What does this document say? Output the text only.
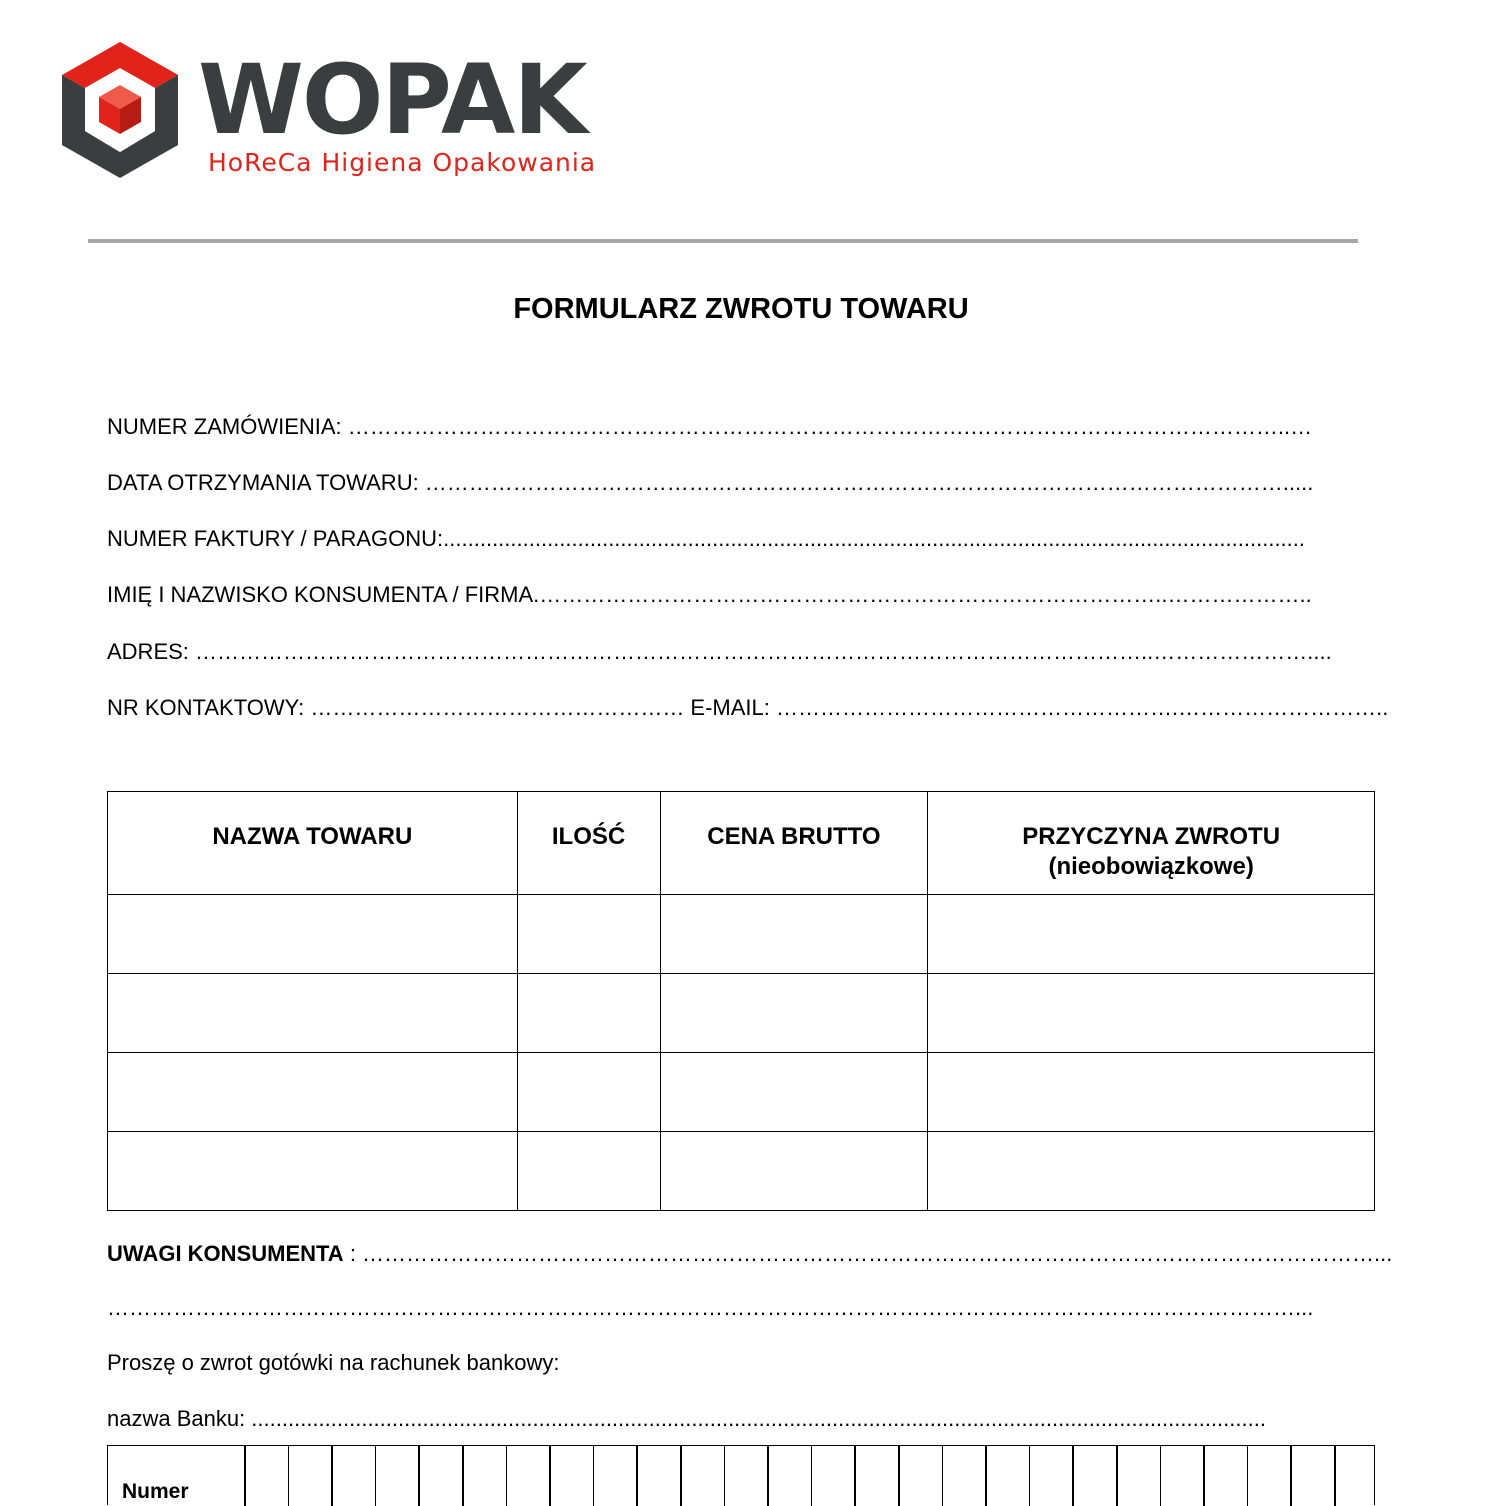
WOPAK
HoReCa Higiena Opakowania
FORMULARZ ZWROTU TOWARU
NUMER ZAMÓWIENIA: ………………………………………………………………………….……………………………………..…
DATA OTRZYMANIA TOWARU: ……………………………………………………………………………………………………….....
NUMER FAKTURY / PARAGONU:.............................................................................................................................................
IMIĘ I NAZWISKO KONSUMENTA / FIRMA.…………………………………………………………………………..………………..
ADRES: …………………………………………………………………………………………………………………..…………………....
NR KONTAKTOWY: …………………………………………… E-MAIL: ……………………………………………….………………………..
NAZWA TOWARU	ILOŚĆ	CENA BRUTTO	PRZYCZYNA ZWROTU
(nieobowiązkowe)

UWAGI KONSUMENTA : …………………………………………………………………………………………………………………………...
………………………………………………………………………………………………………………………………………………...
Proszę o zwrot gotówki na rachunek bankowy:
nazwa Banku: ......................................................................................................................................................................
Numer
